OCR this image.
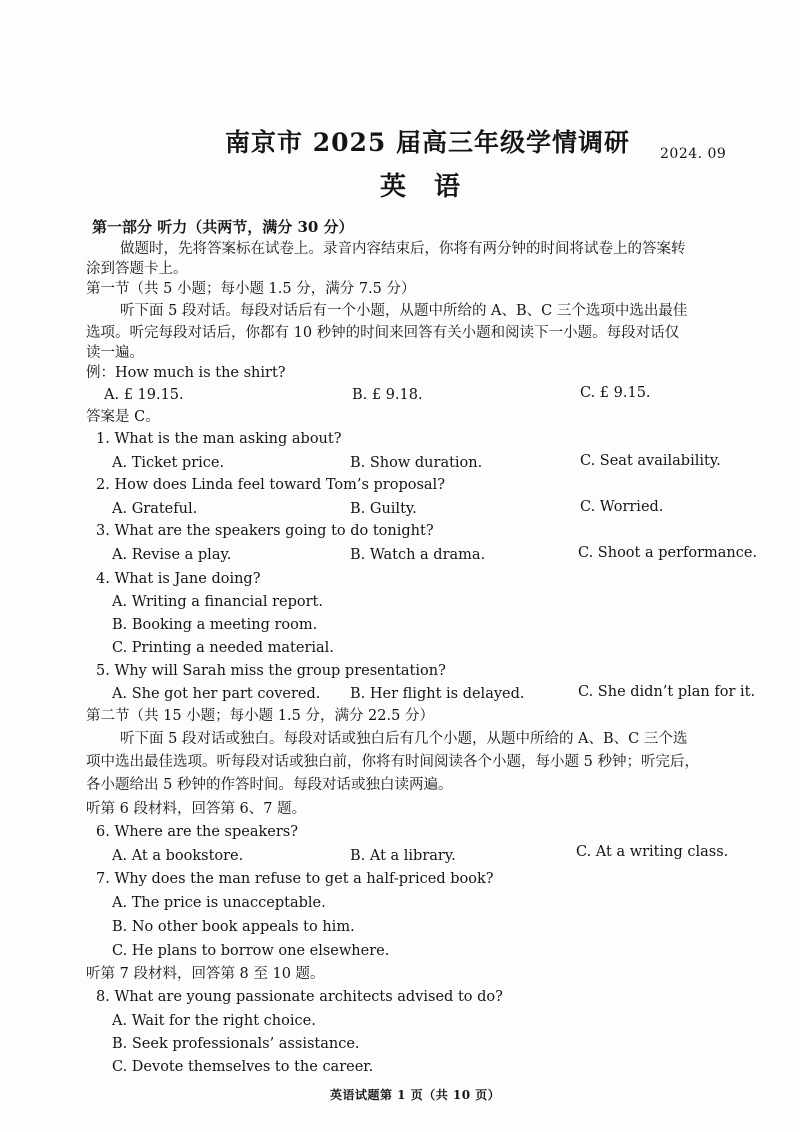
南京市 2025 届高三年级学情调研 2024. 09
英语
第一部分 听力（共两节，满分 30 分）
做题时，先将答案标在试卷上。录音内容结束后，你将有两分钟的时间将试卷上的答案转
涂到答题卡上。
第一节（共 5 小题；每小题 1.5 分，满分 7.5 分）
听下面 5 段对话。每段对话后有一个小题，从题中所给的 A、B、C 三个选项中选出最佳
选项。听完每段对话后，你都有 10 秒钟的时间来回答有关小题和阅读下一小题。每段对话仅
读一遍。
例：How much is the shirt?
A. £ 19.15.	B. £ 9.18.	C. £ 9.15.
答案是 C。
1. What is the man asking about?
A. Ticket price.	B. Show duration.	C. Seat availability.
2. How does Linda feel toward Tom’s proposal?
A. Grateful.	B. Guilty.	C. Worried.
3. What are the speakers going to do tonight?
A. Revise a play.	B. Watch a drama.	C. Shoot a performance.
4. What is Jane doing?
A. Writing a financial report.
B. Booking a meeting room.
C. Printing a needed material.
5. Why will Sarah miss the group presentation?
A. She got her part covered. B. Her flight is delayed.	C. She didn’t plan for it.
第二节（共 15 小题；每小题 1.5 分，满分 22.5 分）
听下面 5 段对话或独白。每段对话或独白后有几个小题，从题中所给的 A、B、C 三个选
项中选出最佳选项。听每段对话或独白前，你将有时间阅读各个小题，每小题 5 秒钟；听完后，
各小题给出 5 秒钟的作答时间。每段对话或独白读两遍。
听第 6 段材料，回答第 6、7 题。
6. Where are the speakers?
A. At a bookstore.	B. At a library.	C. At a writing class.
7. Why does the man refuse to get a half-priced book?
A. The price is unacceptable.
B. No other book appeals to him.
C. He plans to borrow one elsewhere.
听第 7 段材料，回答第 8 至 10 题。
8. What are young passionate architects advised to do?
A. Wait for the right choice.
B. Seek professionals’ assistance.
C. Devote themselves to the career.
英语试题第 1 页（共 10 页）
